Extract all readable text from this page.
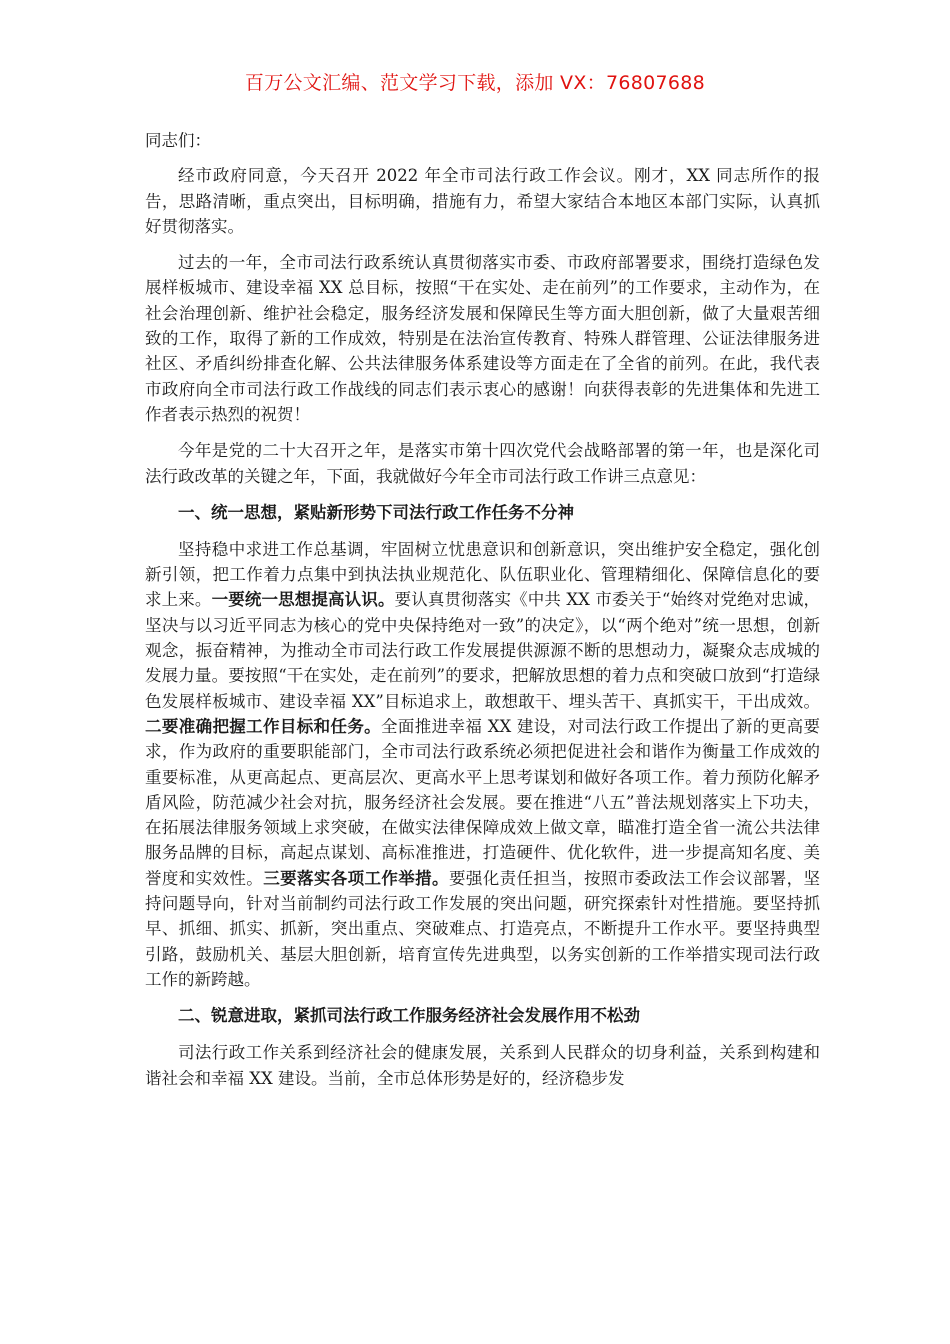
百万公文汇编、范文学习下载，添加 VX：76807688
同志们：

经市政府同意，今天召开 2022 年全市司法行政工作会议。刚才，XX 同志所作的报告，思路清晰，重点突出，目标明确，措施有力，希望大家结合本地区本部门实际，认真抓好贯彻落实。

过去的一年，全市司法行政系统认真贯彻落实市委、市政府部署要求，围绕打造绿色发展样板城市、建设幸福 XX 总目标，按照“干在实处、走在前列”的工作要求，主动作为，在社会治理创新、维护社会稳定，服务经济发展和保障民生等方面大胆创新，做了大量艰苦细致的工作，取得了新的工作成效，特别是在法治宣传教育、特殊人群管理、公证法律服务进社区、矛盾纠纷排查化解、公共法律服务体系建设等方面走在了全省的前列。在此，我代表市政府向全市司法行政工作战线的同志们表示衷心的感谢！向获得表彰的先进集体和先进工作者表示热烈的祝贺！

今年是党的二十大召开之年，是落实市第十四次党代会战略部署的第一年，也是深化司法行政改革的关键之年，下面，我就做好今年全市司法行政工作讲三点意见：

一、统一思想，紧贴新形势下司法行政工作任务不分神

坚持稳中求进工作总基调，牢固树立忧患意识和创新意识，突出维护安全稳定，强化创新引领，把工作着力点集中到执法执业规范化、队伍职业化、管理精细化、保障信息化的要求上来。一要统一思想提高认识。要认真贯彻落实《中共 XX 市委关于“始终对党绝对忠诚，坚决与以习近平同志为核心的党中央保持绝对一致”的决定》，以“两个绝对”统一思想，创新观念，振奋精神，为推动全市司法行政工作发展提供源源不断的思想动力，凝聚众志成城的发展力量。要按照“干在实处，走在前列”的要求，把解放思想的着力点和突破口放到“打造绿色发展样板城市、建设幸福 XX”目标追求上，敢想敢干、埋头苦干、真抓实干，干出成效。二要准确把握工作目标和任务。全面推进幸福 XX 建设，对司法行政工作提出了新的更高要求，作为政府的重要职能部门，全市司法行政系统必须把促进社会和谐作为衡量工作成效的重要标准，从更高起点、更高层次、更高水平上思考谋划和做好各项工作。着力预防化解矛盾风险，防范减少社会对抗，服务经济社会发展。要在推进“八五”普法规划落实上下功夫，在拓展法律服务领域上求突破，在做实法律保障成效上做文章，瞄准打造全省一流公共法律服务品牌的目标，高起点谋划、高标准推进，打造硬件、优化软件，进一步提高知名度、美誉度和实效性。三要落实各项工作举措。要强化责任担当，按照市委政法工作会议部署，坚持问题导向，针对当前制约司法行政工作发展的突出问题，研究探索针对性措施。要坚持抓早、抓细、抓实、抓新，突出重点、突破难点、打造亮点，不断提升工作水平。要坚持典型引路，鼓励机关、基层大胆创新，培育宣传先进典型，以务实创新的工作举措实现司法行政工作的新跨越。

二、锐意进取，紧抓司法行政工作服务经济社会发展作用不松劲

司法行政工作关系到经济社会的健康发展，关系到人民群众的切身利益，关系到构建和谐社会和幸福 XX 建设。当前，全市总体形势是好的，经济稳步发
